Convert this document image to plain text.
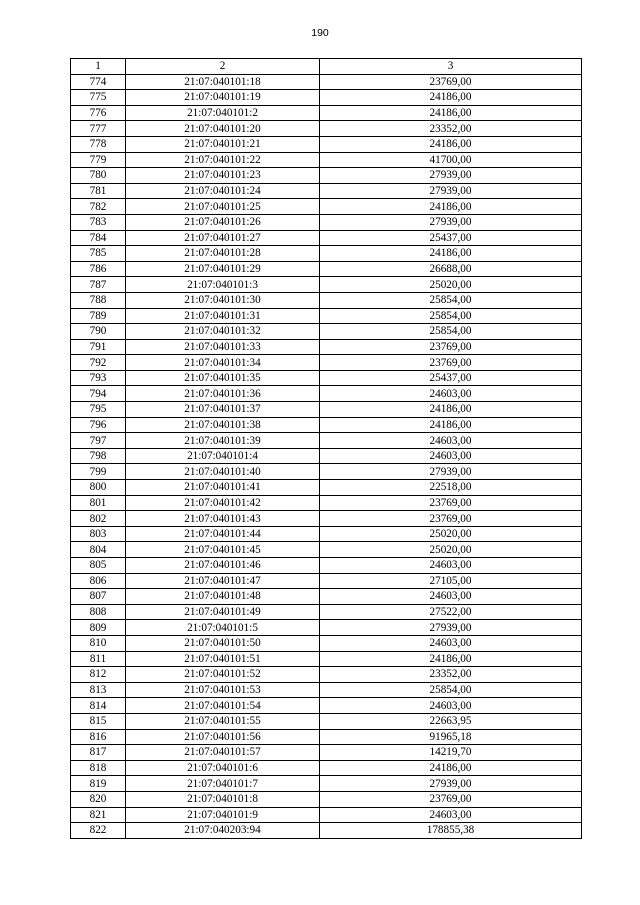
190
1	2	3
774	21:07:040101:18	23769,00
775	21:07:040101:19	24186,00
776	21:07:040101:2	24186,00
777	21:07:040101:20	23352,00
778	21:07:040101:21	24186,00
779	21:07:040101:22	41700,00
780	21:07:040101:23	27939,00
781	21:07:040101:24	27939,00
782	21:07:040101:25	24186,00
783	21:07:040101:26	27939,00
784	21:07:040101:27	25437,00
785	21:07:040101:28	24186,00
786	21:07:040101:29	26688,00
787	21:07:040101:3	25020,00
788	21:07:040101:30	25854,00
789	21:07:040101:31	25854,00
790	21:07:040101:32	25854,00
791	21:07:040101:33	23769,00
792	21:07:040101:34	23769,00
793	21:07:040101:35	25437,00
794	21:07:040101:36	24603,00
795	21:07:040101:37	24186,00
796	21:07:040101:38	24186,00
797	21:07:040101:39	24603,00
798	21:07:040101:4	24603,00
799	21:07:040101:40	27939,00
800	21:07:040101:41	22518,00
801	21:07:040101:42	23769,00
802	21:07:040101:43	23769,00
803	21:07:040101:44	25020,00
804	21:07:040101:45	25020,00
805	21:07:040101:46	24603,00
806	21:07:040101:47	27105,00
807	21:07:040101:48	24603,00
808	21:07:040101:49	27522,00
809	21:07:040101:5	27939,00
810	21:07:040101:50	24603,00
811	21:07:040101:51	24186,00
812	21:07:040101:52	23352,00
813	21:07:040101:53	25854,00
814	21:07:040101:54	24603,00
815	21:07:040101:55	22663,95
816	21:07:040101:56	91965,18
817	21:07:040101:57	14219,70
818	21:07:040101:6	24186,00
819	21:07:040101:7	27939,00
820	21:07:040101:8	23769,00
821	21:07:040101:9	24603,00
822	21:07:040203:94	178855,38
